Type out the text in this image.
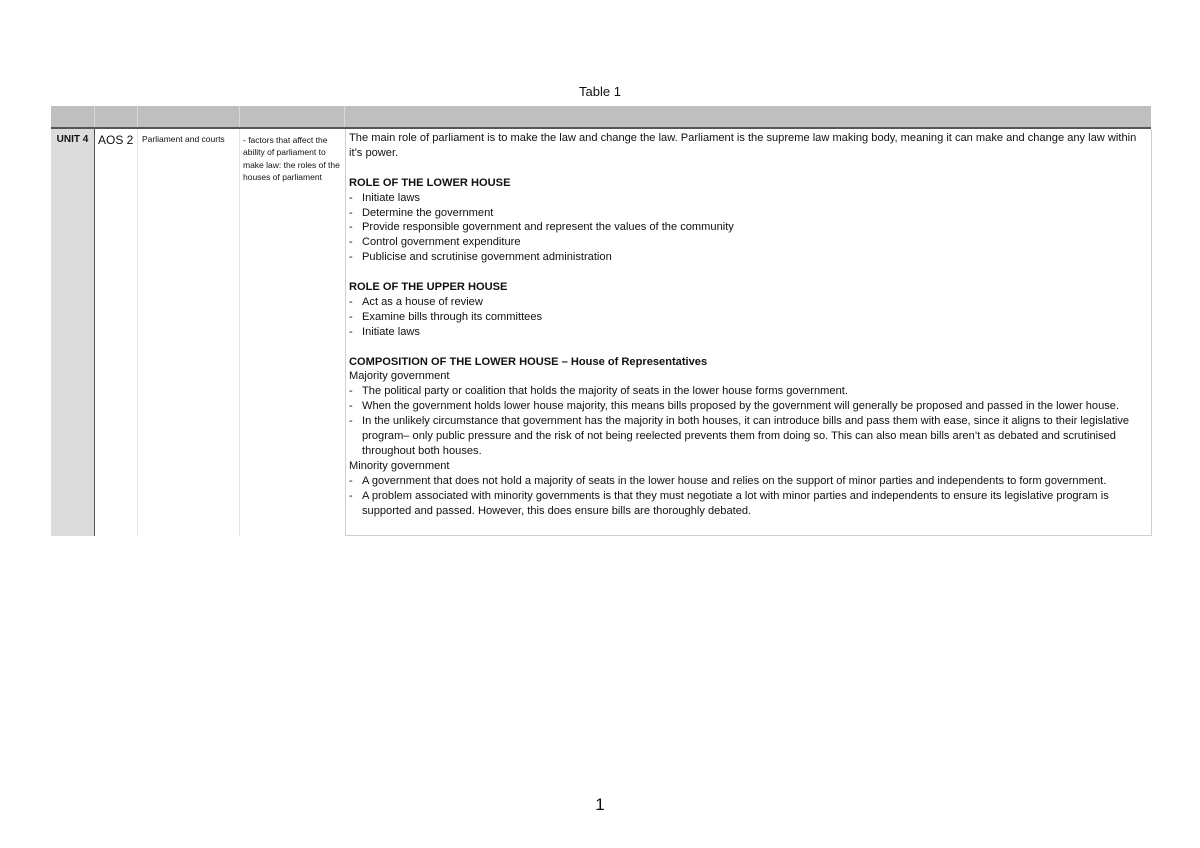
Table 1
UNIT 4 AOS 2 Parliament and courts - factors that affect the ability of parliament to make law: the roles of the houses of parliament

The main role of parliament is to make the law and change the law. Parliament is the supreme law making body, meaning it can make and change any law within it’s power.

ROLE OF THE LOWER HOUSE

- Initiate laws
- Determine the government
- Provide responsible government and represent the values of the community
- Control government expenditure
- Publicise and scrutinise government administration

ROLE OF THE UPPER HOUSE

- Act as a house of review
- Examine bills through its committees
- Initiate laws

COMPOSITION OF THE LOWER HOUSE – House of Representatives

Majority government

- The political party or coalition that holds the majority of seats in the lower house forms government.
- When the government holds lower house majority, this means bills proposed by the government will generally be proposed and passed in the lower house.
- In the unlikely circumstance that government has the majority in both houses, it can introduce bills and pass them with ease, since it aligns to their legislative program– only public pressure and the risk of not being reelected prevents them from doing so. This can also mean bills aren’t as debated and scrutinised throughout both houses.

Minority government

- A government that does not hold a majority of seats in the lower house and relies on the support of minor parties and independents to form government.
- A problem associated with minority governments is that they must negotiate a lot with minor parties and independents to ensure its legislative program is supported and passed. However, this does ensure bills are thoroughly debated.
1
